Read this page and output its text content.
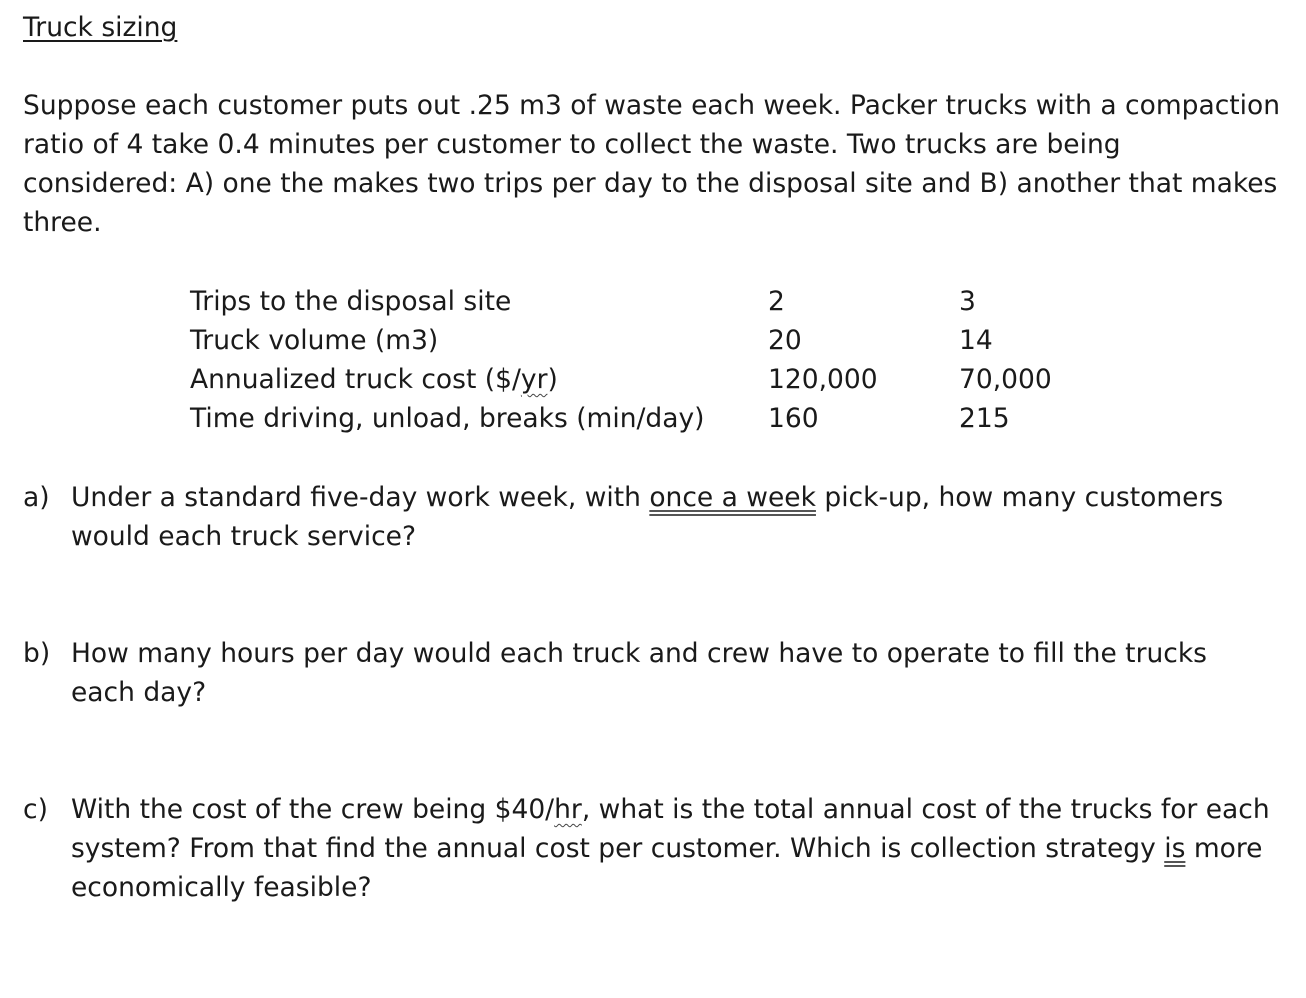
Truck sizing

Suppose each customer puts out .25 m3 of waste each week. Packer trucks with a compaction
ratio of 4 take 0.4 minutes per customer to collect the waste. Two trucks are being
considered: A) one the makes two trips per day to the disposal site and B) another that makes
three.

Trips to the disposal site	2	3
Truck volume (m3)	20	14
Annualized truck cost ($/yr)	120,000	70,000
Time driving, unload, breaks (min/day) 160	215
a) Under a standard five-day work week, with once a week pick-up, how many customers
would each truck service?
b) How many hours per day would each truck and crew have to operate to fill the trucks
each day?
c) With the cost of the crew being $40/hr, what is the total annual cost of the trucks for each
system? From that find the annual cost per customer. Which is collection strategy is more
economically feasible?
